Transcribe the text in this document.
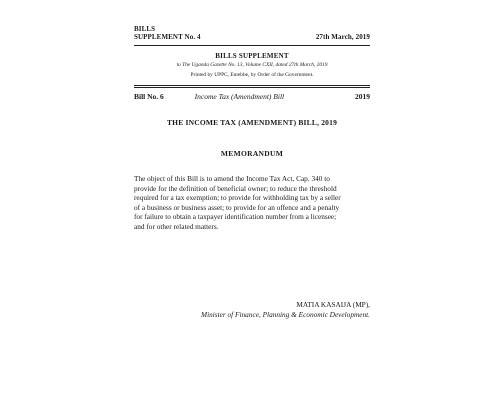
BILLS
SUPPLEMENT No. 4	27th March, 2019
BILLS SUPPLEMENT
to The Uganda Gazette No. 13, Volume CXII, dated 27th March, 2019
Printed by UPPC, Entebbe, by Order of the Government.
Bill No. 6	Income Tax (Amendment) Bill	2019
THE INCOME TAX (AMENDMENT) BILL, 2019
MEMORANDUM
The object of this Bill is to amend the Income Tax Act, Cap. 340 to
provide for the definition of beneficial owner; to reduce the threshold
required for a tax exemption; to provide for withholding tax by a seller
of a business or business asset; to provide for an offence and a penalty
for failure to obtain a taxpayer identification number from a licensee;
and for other related matters.
MATIA KASAIJA (MP),
Minister of Finance, Planning & Economic Development.
